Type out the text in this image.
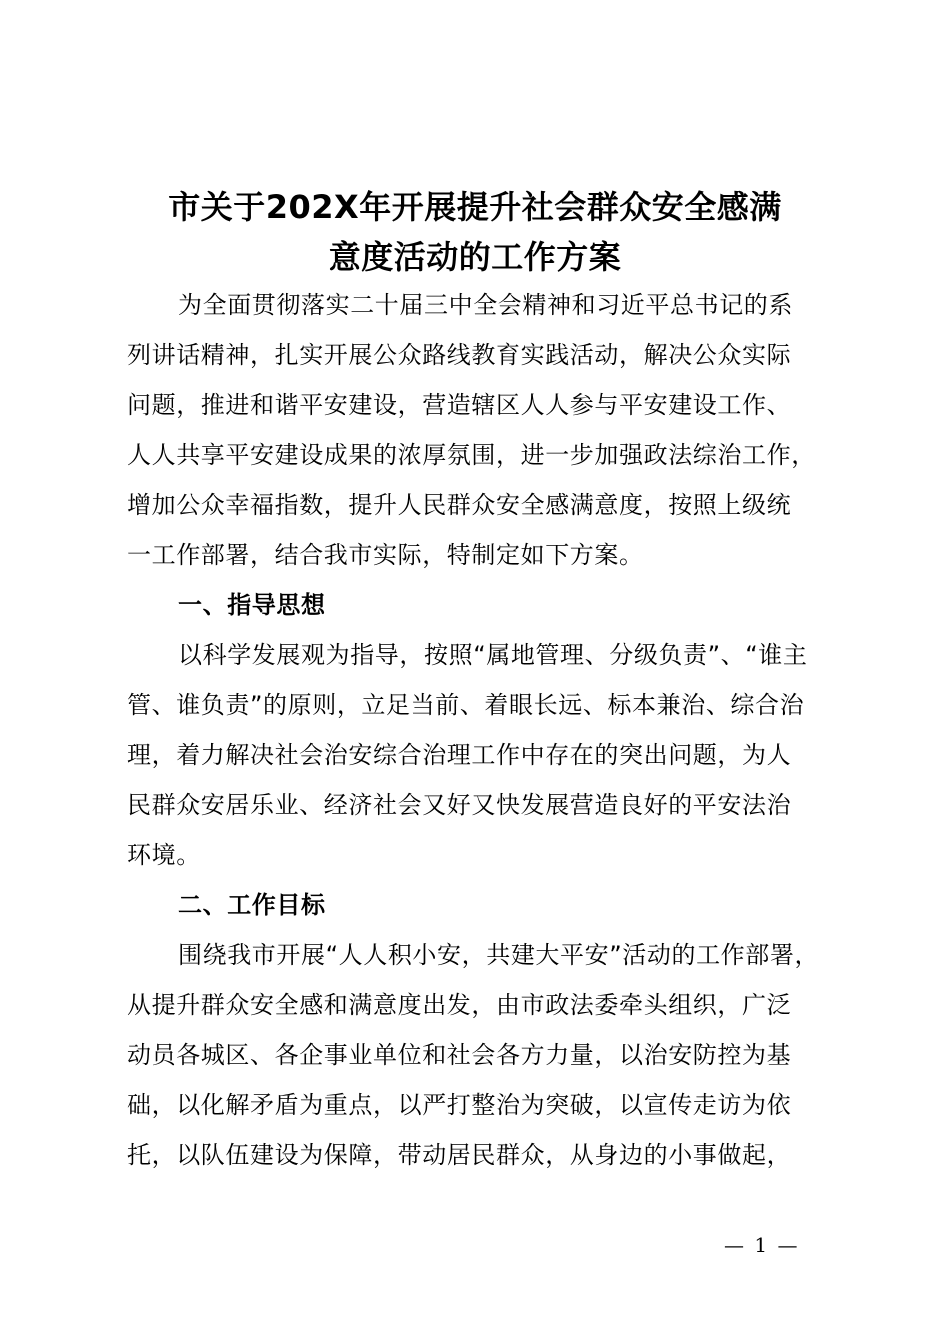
市关于202X年开展提升社会群众安全感满
意度活动的工作方案

为全面贯彻落实二十届三中全会精神和习近平总书记的系

列讲话精神，扎实开展公众路线教育实践活动，解决公众实际

问题，推进和谐平安建设，营造辖区人人参与平安建设工作、

人人共享平安建设成果的浓厚氛围，进一步加强政法综治工作，

增加公众幸福指数，提升人民群众安全感满意度，按照上级统

一工作部署，结合我市实际，特制定如下方案。

一、指导思想

以科学发展观为指导，按照“属地管理、分级负责”、“谁主

管、谁负责”的原则，立足当前、着眼长远、标本兼治、综合治

理，着力解决社会治安综合治理工作中存在的突出问题，为人

民群众安居乐业、经济社会又好又快发展营造良好的平安法治

环境。

二、工作目标

围绕我市开展“人人积小安，共建大平安”活动的工作部署，

从提升群众安全感和满意度出发，由市政法委牵头组织，广泛

动员各城区、各企事业单位和社会各方力量，以治安防控为基

础，以化解矛盾为重点，以严打整治为突破，以宣传走访为依

托，以队伍建设为保障，带动居民群众，从身边的小事做起，

— 1 —
